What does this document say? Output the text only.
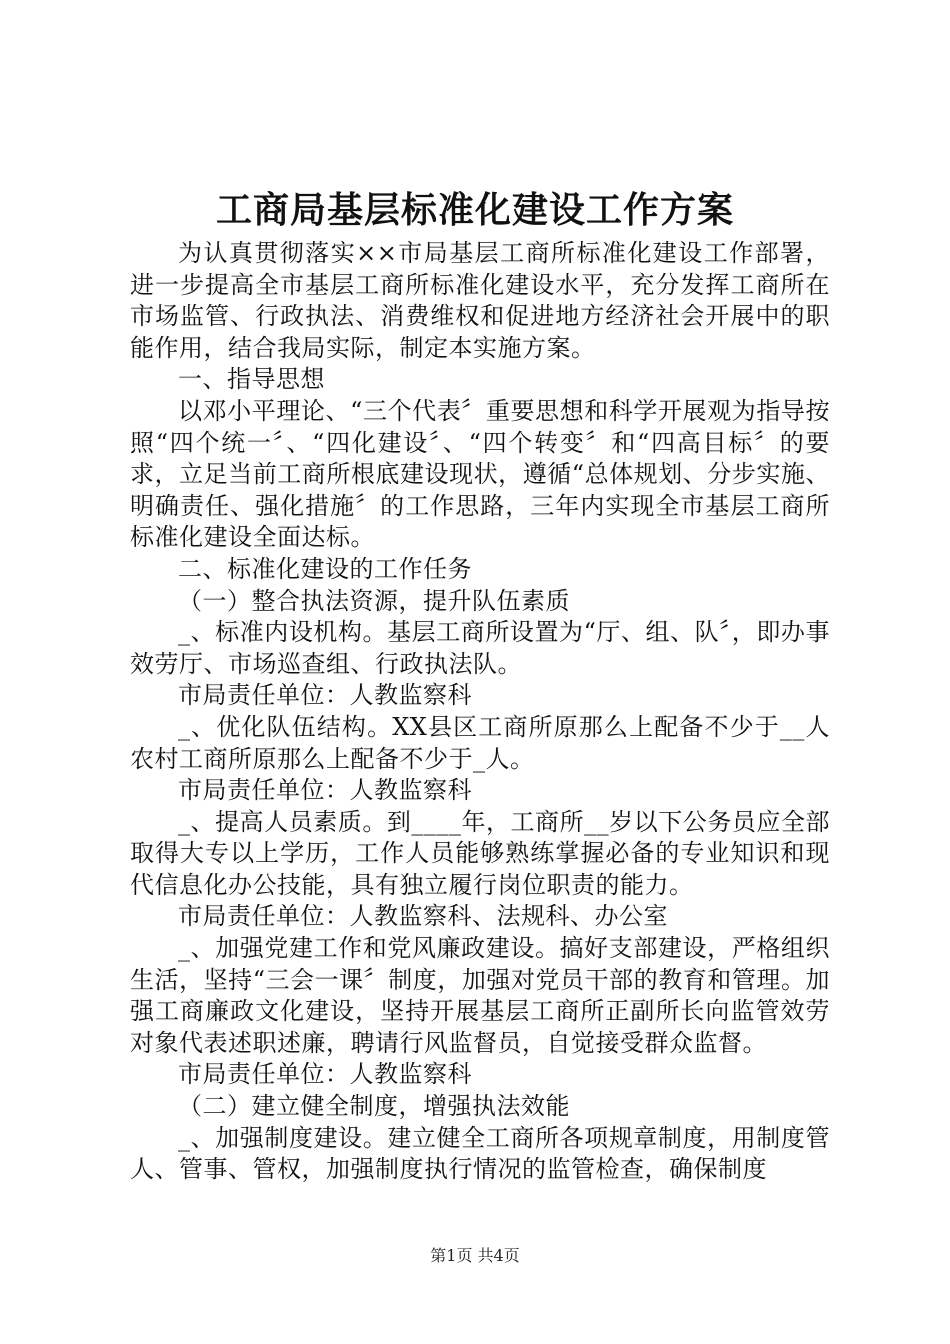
工商局基层标准化建设工作方案

为认真贯彻落实××市局基层工商所标准化建设工作部署，进一步提高全市基层工商所标准化建设水平，充分发挥工商所在市场监管、行政执法、消费维权和促进地方经济社会开展中的职能作用，结合我局实际，制定本实施方案。

一、指导思想

以邓小平理论、“三个代表〞重要思想和科学开展观为指导按照“四个统一〞、“四化建设〞、“四个转变〞和“四高目标〞的要求，立足当前工商所根底建设现状，遵循“总体规划、分步实施、明确责任、强化措施〞的工作思路，三年内实现全市基层工商所标准化建设全面达标。

二、标准化建设的工作任务

（一）整合执法资源，提升队伍素质

_、标准内设机构。基层工商所设置为“厅、组、队〞，即办事效劳厅、市场巡查组、行政执法队。

市局责任单位：人教监察科

_、优化队伍结构。XX县区工商所原那么上配备不少于__人农村工商所原那么上配备不少于_人。

市局责任单位：人教监察科

_、提高人员素质。到____年，工商所__岁以下公务员应全部取得大专以上学历，工作人员能够熟练掌握必备的专业知识和现代信息化办公技能，具有独立履行岗位职责的能力。

市局责任单位：人教监察科、法规科、办公室

_、加强党建工作和党风廉政建设。搞好支部建设，严格组织生活，坚持“三会一课〞制度，加强对党员干部的教育和管理。加强工商廉政文化建设，坚持开展基层工商所正副所长向监管效劳对象代表述职述廉，聘请行风监督员，自觉接受群众监督。

市局责任单位：人教监察科

（二）建立健全制度，增强执法效能

_、加强制度建设。建立健全工商所各项规章制度，用制度管人、管事、管权，加强制度执行情况的监管检查，确保制度

第1页 共4页
